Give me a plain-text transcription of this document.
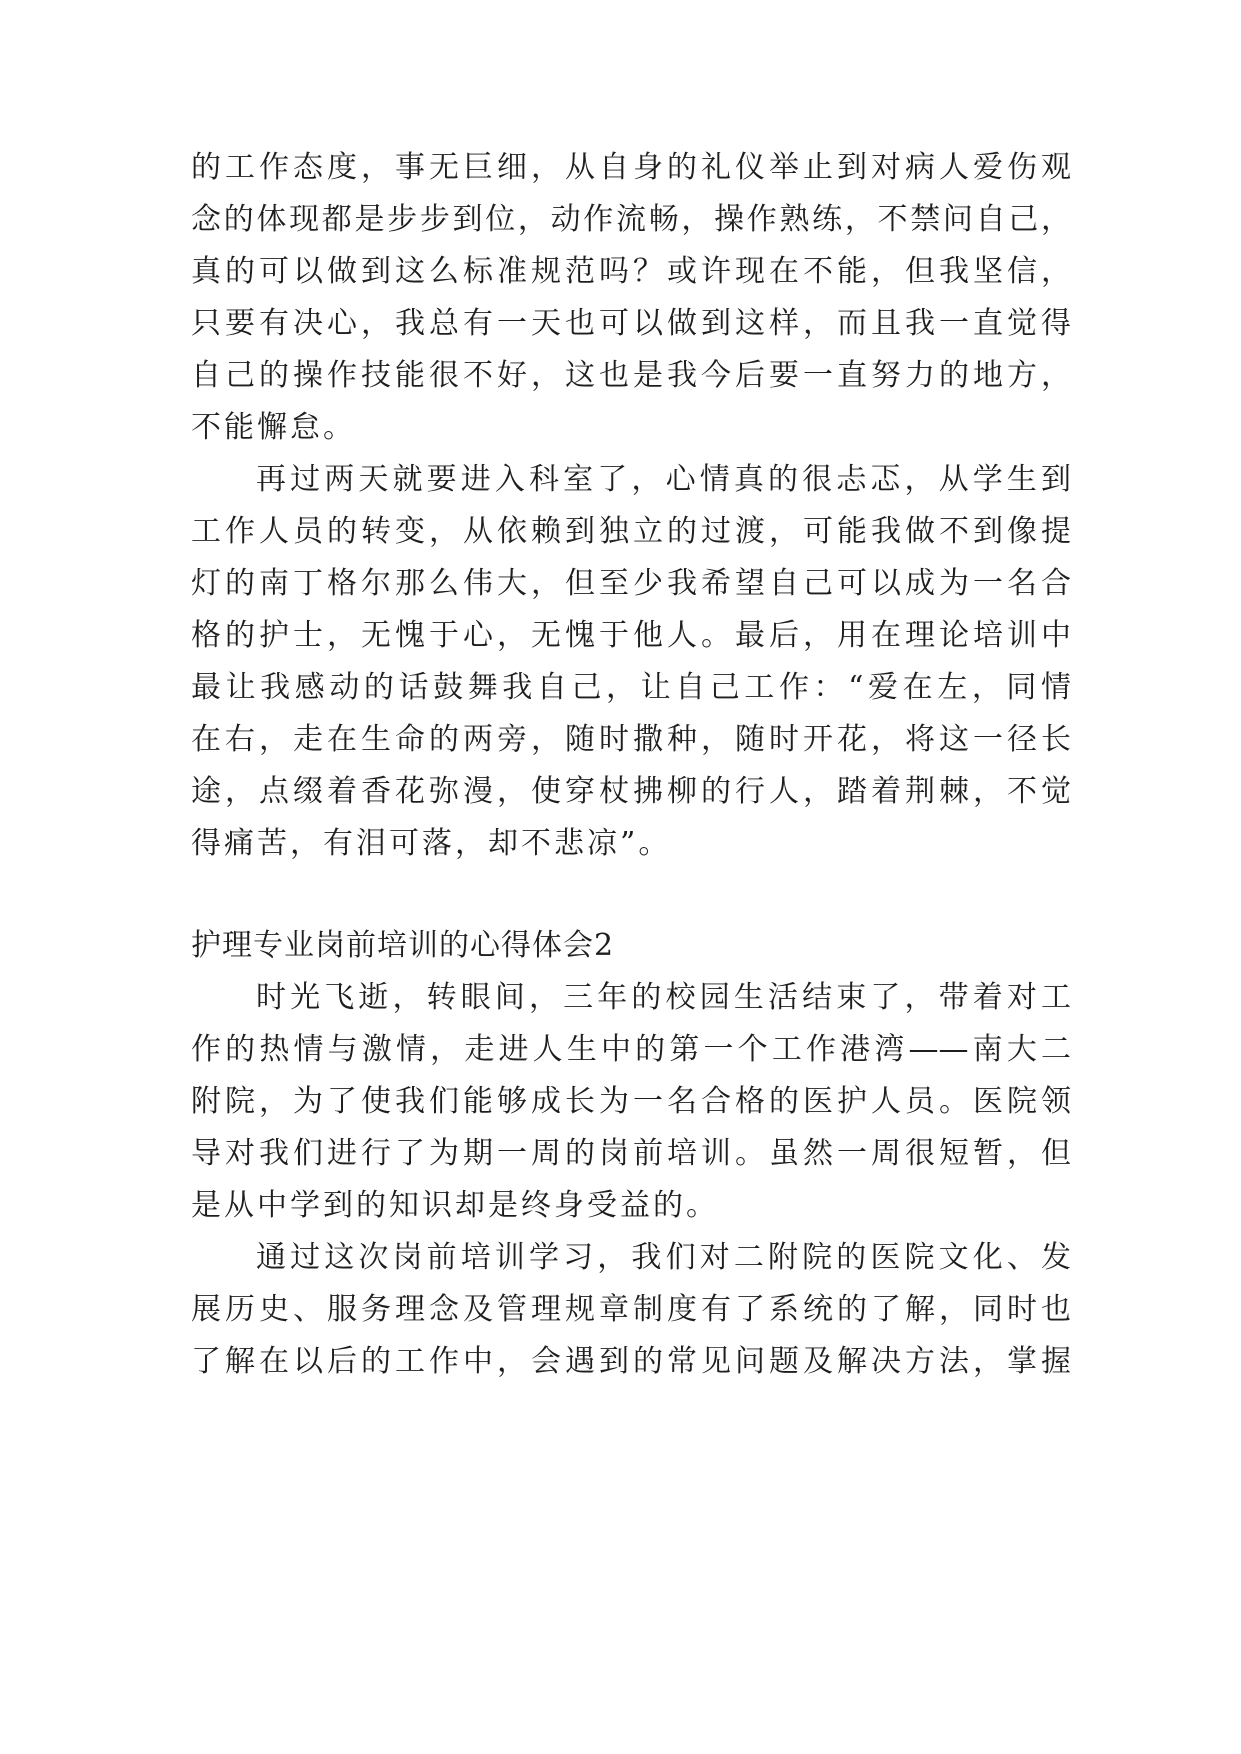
的工作态度，事无巨细，从自身的礼仪举止到对病人爱伤观
念的体现都是步步到位，动作流畅，操作熟练，不禁问自己，
真的可以做到这么标准规范吗？或许现在不能，但我坚信，
只要有决心，我总有一天也可以做到这样，而且我一直觉得
自己的操作技能很不好，这也是我今后要一直努力的地方，
不能懈怠。
再过两天就要进入科室了，心情真的很忐忑，从学生到
工作人员的转变，从依赖到独立的过渡，可能我做不到像提
灯的南丁格尔那么伟大，但至少我希望自己可以成为一名合
格的护士，无愧于心，无愧于他人。最后，用在理论培训中
最让我感动的话鼓舞我自己，让自己工作：“爱在左，同情
在右，走在生命的两旁，随时撒种，随时开花，将这一径长
途，点缀着香花弥漫，使穿杖拂柳的行人，踏着荆棘，不觉
得痛苦，有泪可落，却不悲凉”。
护理专业岗前培训的心得体会2
时光飞逝，转眼间，三年的校园生活结束了，带着对工
作的热情与激情，走进人生中的第一个工作港湾——南大二
附院，为了使我们能够成长为一名合格的医护人员。医院领
导对我们进行了为期一周的岗前培训。虽然一周很短暂，但
是从中学到的知识却是终身受益的。
通过这次岗前培训学习，我们对二附院的医院文化、发
展历史、服务理念及管理规章制度有了系统的了解，同时也
了解在以后的工作中，会遇到的常见问题及解决方法，掌握
